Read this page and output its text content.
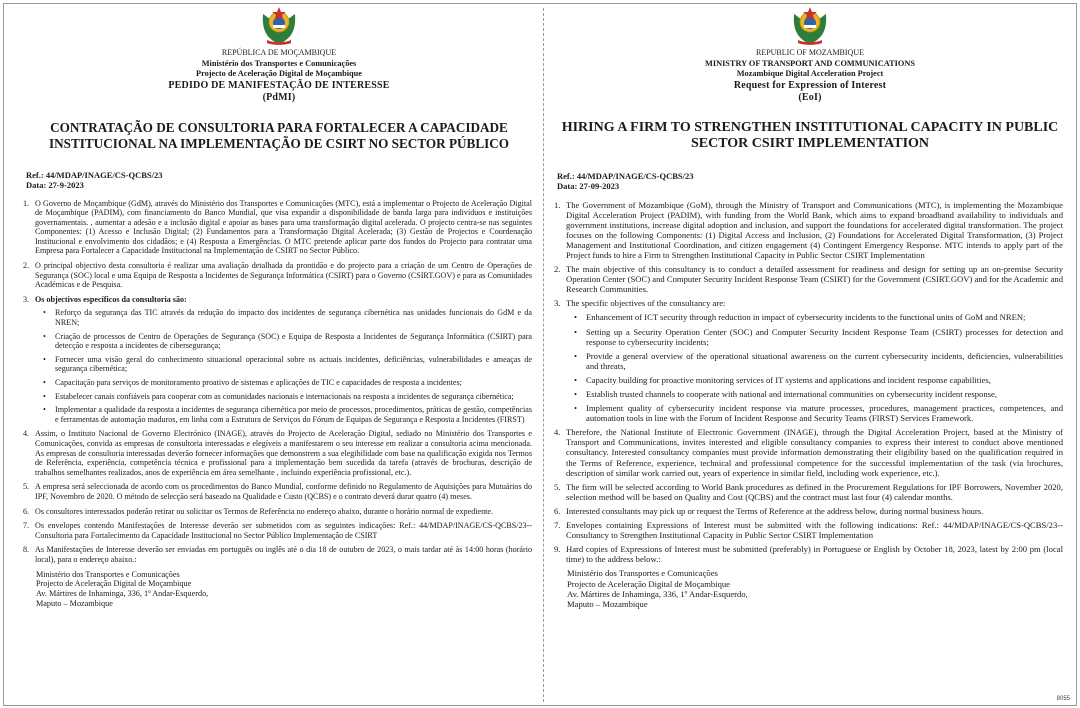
REPÚBLICA DE MOÇAMBIQUE
Ministério dos Transportes e Comunicações
Projecto de Aceleração Digital de Moçambique
PEDIDO DE MANIFESTAÇÃO DE INTERESSE
(PdMI)
CONTRATAÇÃO DE CONSULTORIA PARA FORTALECER A CAPACIDADE INSTITUCIONAL NA IMPLEMENTAÇÃO DE CSIRT NO SECTOR PÚBLICO
Ref.: 44/MDAP/INAGE/CS-QCBS/23
Data: 27-9-2023
1. O Governo de Moçambique (GdM), através do Ministério dos Transportes e Comunicações (MTC), está a implementar o Projecto de Aceleração Digital de Moçambique (PADIM), com financiamento do Banco Mundial, que visa expandir a disponibilidade de banda larga para indivíduos e instituições governamentais. , aumentar a adesão e a inclusão digital e apoiar as bases para uma transformação digital acelerada. O projecto centra-se nas seguintes Componentes: (1) Acesso e Inclusão Digital; (2) Fundamentos para a Transformação Digital Acelerada; (3) Gestão de Projectos e Coordenação Institucional e envolvimento dos cidadãos; e (4) Resposta a Emergências. O MTC pretende aplicar parte dos fundos do Projecto para contratar uma Empresa para Fortalecer a Capacidade Institucional na Implementação de CSIRT no Sector Público.
2. O principal objectivo desta consultoria é realizar uma avaliação detalhada da prontidão e do projecto para a criação de um Centro de Operações de Segurança (SOC) local e uma Equipa de Resposta a Incidentes de Segurança Informática (CSIRT) para o Governo (CSIRT.GOV) e para as Comunidades Académicas e de Pesquisa.
3. Os objectivos específicos da consultoria são:
• Reforço da segurança das TIC através da redução do impacto dos incidentes de segurança cibernética nas unidades funcionais do GdM e da NREN;
• Criação de processos de Centro de Operações de Segurança (SOC) e Equipa de Resposta a Incidentes de Segurança Informática (CSIRT) para detecção e resposta a incidentes de cibersegurança;
• Fornecer uma visão geral do conhecimento situacional operacional sobre os actuais incidentes, deficiências, vulnerabilidades e ameaças de segurança cibernética;
• Capacitação para serviços de monitoramento proativo de sistemas e aplicações de TIC e capacidades de resposta a incidentes;
• Estabelecer canais confiáveis para cooperar com as comunidades nacionais e internacionais na resposta a incidentes de segurança cibernética;
• Implementar a qualidade da resposta a incidentes de segurança cibernética por meio de processos, procedimentos, práticas de gestão, competências e ferramentas de automação maduros, em linha com a Estrutura de Serviços do Fórum de Equipas de Segurança e Resposta a Incidentes (FIRST)
4. Assim, o Instituto Nacional de Governo Electrónico (INAGE), através do Projecto de Aceleração Digital, sediado no Ministério dos Transportes e Comunicações, convida as empresas de consultoria interessadas e elegíveis a manifestarem o seu interesse em realizar a consultoria acima mencionada. As empresas de consultoria interessadas deverão fornecer informações que demonstrem a sua elegibilidade com base na qualificação exigida nos Termos de Referência, experiência, competência técnica e profissional para a implementação bem sucedida da tarefa (através de brochuras, descrição de trabalhos semelhantes realizados, anos de experiência em área semelhante , incluindo experiência profissional, etc.).
5. A empresa será seleccionada de acordo com os procedimentos do Banco Mundial, conforme definido no Regulamento de Aquisições para Mutuários do IPF, Novembro de 2020. O método de selecção será baseado na Qualidade e Custo (QCBS) e o contrato deverá durar quatro (4) meses.
6. Os consultores interessados poderão retirar ou solicitar os Termos de Referência no endereço abaixo, durante o horário normal de expediente.
7. Os envelopes contendo Manifestações de Interesse deverão ser submetidos com as seguintes indicações: Ref.: 44/MDAP/INAGE/CS-QCBS/23-- Consultoria para Fortalecimento da Capacidade Institucional no Sector Público Implementação de CSIRT
8. As Manifestações de Interesse deverão ser enviadas em português ou inglês até o dia 18 de outubro de 2023, o mais tardar até às 14:00 horas (horário local), para o endereço abaixo.:
Ministério dos Transportes e Comunicações
Projecto de Aceleração Digital de Moçambique
Av. Mártires de Inhaminga, 336, 1º Andar-Esquerdo,
Maputo – Mozambique
REPUBLIC OF MOZAMBIQUE
MINISTRY OF TRANSPORT AND COMMUNICATIONS
Mozambique Digital Acceleration Project
Request for Expression of Interest
(EoI)
HIRING A FIRM TO STRENGTHEN INSTITUTIONAL CAPACITY IN PUBLIC SECTOR CSIRT IMPLEMENTATION
Ref.: 44/MDAP/INAGE/CS-QCBS/23
Data: 27-09-2023
1. The Government of Mozambique (GoM), through the Ministry of Transport and Communications (MTC), is implementing the Mozambique Digital Acceleration Project (PADIM), with funding from the World Bank, which aims to expand broadband availability to individuals and government institutions, increase digital adoption and inclusion, and support the foundations for accelerated digital transformation. The project focuses on the following Components: (1) Digital Access and Inclusion, (2) Foundations for Accelerated Digital Transformation, (3) Project Management and Institutional Coordination, and citizen engagement (4) Contingent Emergency Response. MTC intends to apply part of the Project funds to hire a Firm to Strengthen Institutional Capacity in Public Sector CSIRT Implementation
2. The main objective of this consultancy is to conduct a detailed assessment for readiness and design for setting up an on-premise Security Operation Center (SOC) and Computer Security Incident Response Team (CSIRT) for the Government (CSIRT.GOV) and for the Academic and Research Communities.
3. The specific objectives of the consultancy are:
• Enhancement of ICT security through reduction in impact of cybersecurity incidents to the functional units of GoM and NREN;
• Setting up a Security Operation Center (SOC) and Computer Security Incident Response Team (CSIRT) processes for detection and response to cybersecurity incidents;
• Provide a general overview of the operational situational awareness on the current cybersecurity incidents, deficiencies, vulnerabilities and threats,
• Capacity building for proactive monitoring services of IT systems and applications and incident response capabilities,
• Establish trusted channels to cooperate with national and international communities on cybersecurity incident response,
• Implement quality of cybersecurity incident response via mature processes, procedures, management practices, competences, and automation tools in line with the Forum of Incident Response and Security Teams (FIRST) Services Framework.
4. Therefore, the National Institute of Electronic Government (INAGE), through the Digital Acceleration Project, based at the Ministry of Transport and Communications, invites interested and eligible consultancy companies to express their interest to conduct above mentioned consultancy. Interested consultancy companies must provide information demonstrating their eligibility based on the qualification required in the Terms of Reference, experience, technical and professional competence for the successful implementation of the task (via brochures, description of similar work carried out, years of experience in similar field, including work experience, etc.).
5. The firm will be selected according to World Bank procedures as defined in the Procurement Regulations for IPF Borrowers, November 2020, selection method will be based on Quality and Cost (QCBS) and the contract must last four (4) calendar months.
6. Interested consultants may pick up or request the Terms of Reference at the address below, during normal business hours.
7. Envelopes containing Expressions of Interest must be submitted with the following indications: Ref.: 44/MDAP/INAGE/CS-QCBS/23-- Consultancy to Strengthen Institutional Capacity in Public Sector CSIRT Implementation
9. Hard copies of Expressions of Interest must be submitted (preferably) in Portuguese or English by October 18, 2023, latest by 2:00 pm (local time) to the address below.:
Ministério dos Transportes e Comunicações
Projecto de Aceleração Digital de Moçambique
Av. Mártires de Inhaminga, 336, 1º Andar-Esquerdo,
Maputo – Mozambique
8055
